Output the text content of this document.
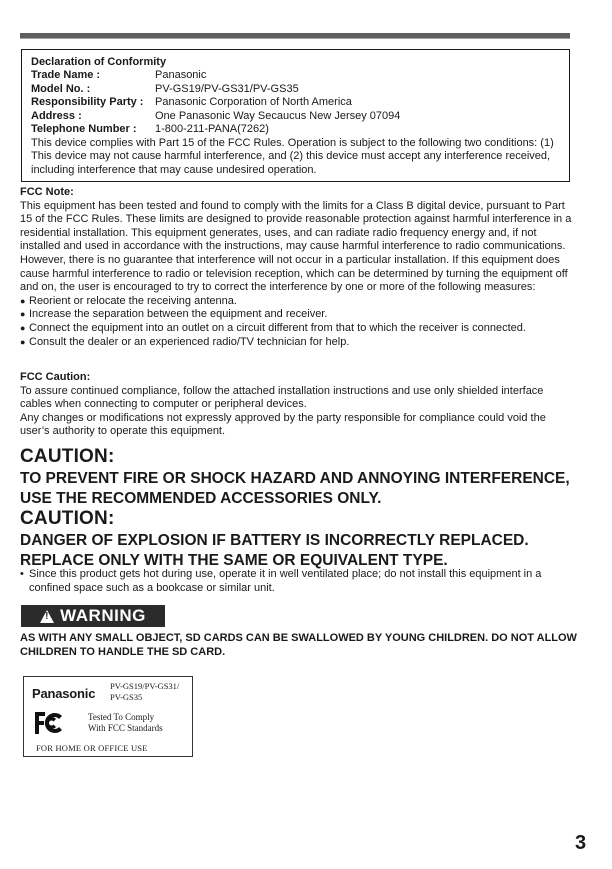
Declaration of Conformity
Trade Name :	Panasonic
Model No. :	PV-GS19/PV-GS31/PV-GS35
Responsibility Party :	Panasonic Corporation of North America
Address :	One Panasonic Way Secaucus New Jersey 07094
Telephone Number :	1-800-211-PANA(7262)
This device complies with Part 15 of the FCC Rules. Operation is subject to the following two conditions: (1) This device may not cause harmful interference, and (2) this device must accept any interference received, including interference that may cause undesired operation.
FCC Note:
This equipment has been tested and found to comply with the limits for a Class B digital device, pursuant to Part 15 of the FCC Rules. These limits are designed to provide reasonable protection against harmful interference in a residential installation. This equipment generates, uses, and can radiate radio frequency energy and, if not installed and used in accordance with the instructions, may cause harmful interference to radio communications. However, there is no guarantee that interference will not occur in a particular installation. If this equipment does cause harmful interference to radio or television reception, which can be determined by turning the equipment off and on, the user is encouraged to try to correct the interference by one or more of the following measures:
● Reorient or relocate the receiving antenna.
● Increase the separation between the equipment and receiver.
● Connect the equipment into an outlet on a circuit different from that to which the receiver is connected.
● Consult the dealer or an experienced radio/TV technician for help.
FCC Caution:
To assure continued compliance, follow the attached installation instructions and use only shielded interface cables when connecting to computer or peripheral devices.
Any changes or modifications not expressly approved by the party responsible for compliance could void the user’s authority to operate this equipment.
CAUTION:
TO PREVENT FIRE OR SHOCK HAZARD AND ANNOYING INTERFERENCE, USE THE RECOMMENDED ACCESSORIES ONLY.
CAUTION:
DANGER OF EXPLOSION IF BATTERY IS INCORRECTLY REPLACED. REPLACE ONLY WITH THE SAME OR EQUIVALENT TYPE.
• Since this product gets hot during use, operate it in well ventilated place; do not install this equipment in a confined space such as a bookcase or similar unit.
!
WARNING
AS WITH ANY SMALL OBJECT, SD CARDS CAN BE SWALLOWED BY YOUNG CHILDREN. DO NOT ALLOW CHILDREN TO HANDLE THE SD CARD.
Panasonic PV-GS19/PV-GS31/
PV-GS35
Tested To Comply
With FCC Standards
FOR HOME OR OFFICE USE
3
